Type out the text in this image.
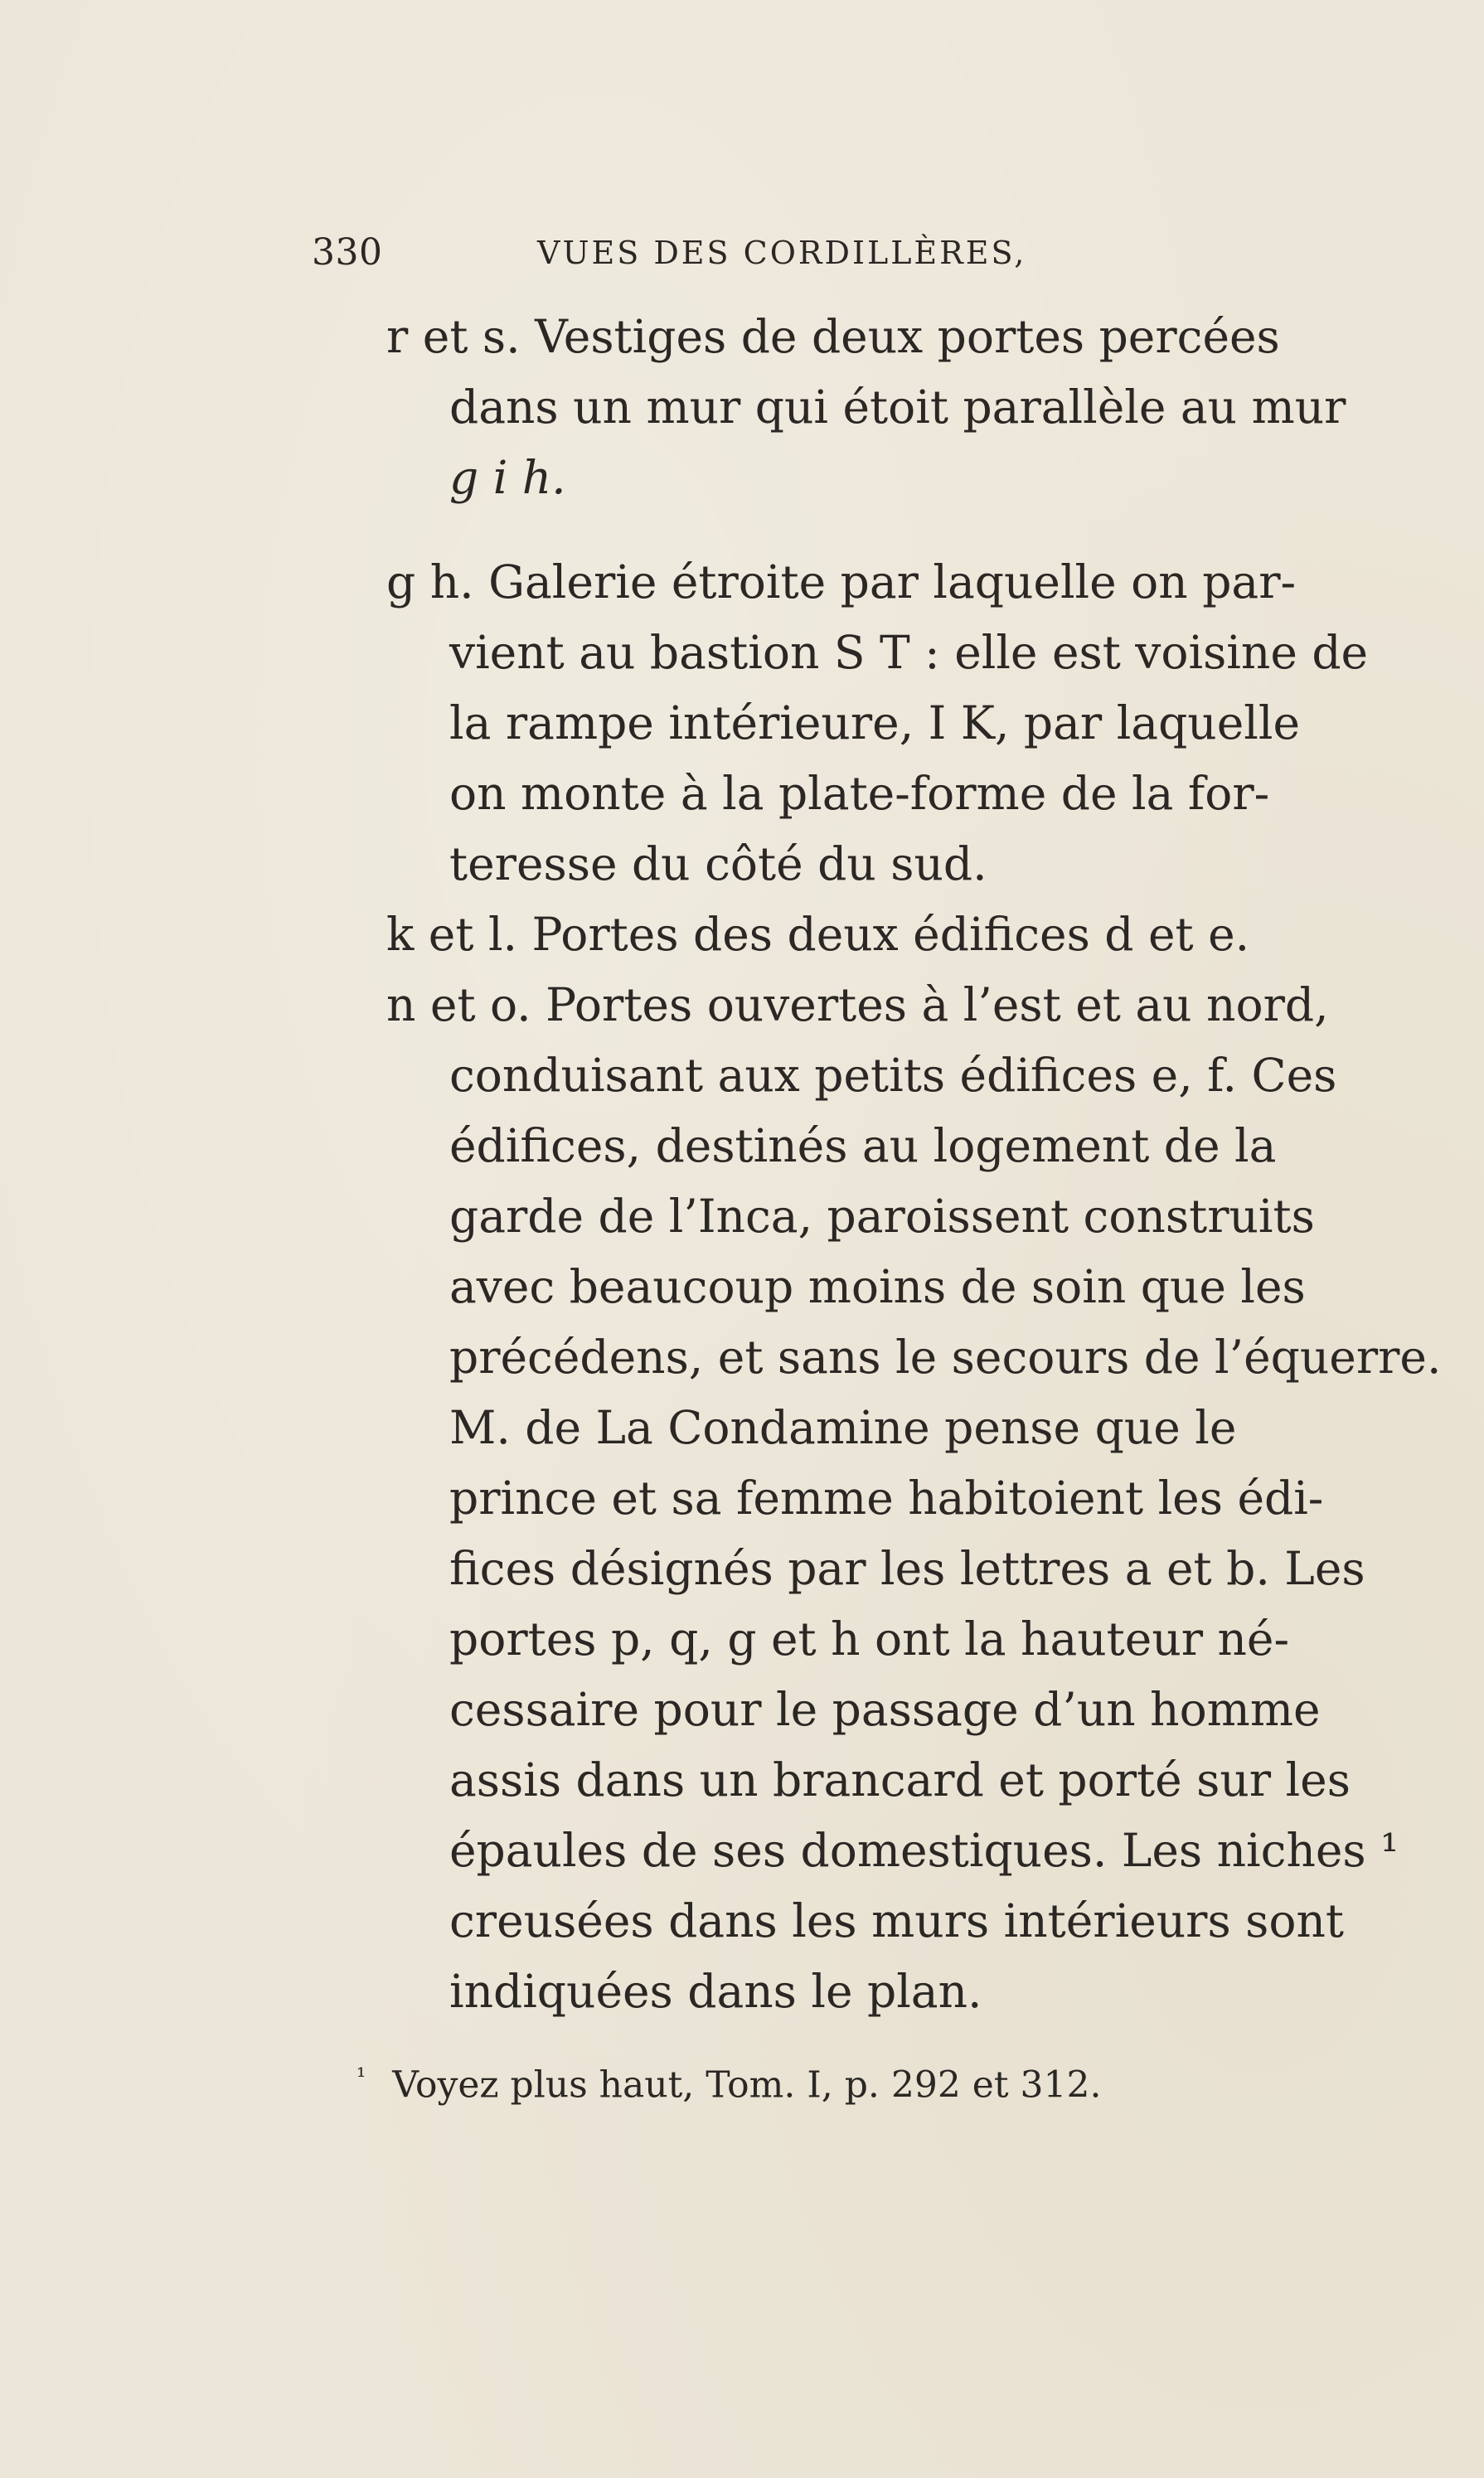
330	VUES DES CORDILLÈRES,
r et s. Vestiges de deux portes percées
dans un mur qui étoit parallèle au mur
g i h.
g h. Galerie étroite par laquelle on par-
vient au bastion S T : elle est voisine de
la rampe intérieure, I K, par laquelle
on monte à la plate-forme de la for-
teresse du côté du sud.
k et l. Portes des deux édifices d et e.
n et o. Portes ouvertes à l’est et au nord,
conduisant aux petits édifices e, f. Ces
édifices, destinés au logement de la
garde de l’Inca, paroissent construits
avec beaucoup moins de soin que les
précédens, et sans le secours de l’équerre.
M. de La Condamine pense que le
prince et sa femme habitoient les édi-
fices désignés par les lettres a et b. Les
portes p, q, g et h ont la hauteur né-
cessaire pour le passage d’un homme
assis dans un brancard et porté sur les
épaules de ses domestiques. Les niches ¹
creusées dans les murs intérieurs sont
indiquées dans le plan.
$^{^1}$ Voyez plus haut, Tom. I, p. 292 et 312.
